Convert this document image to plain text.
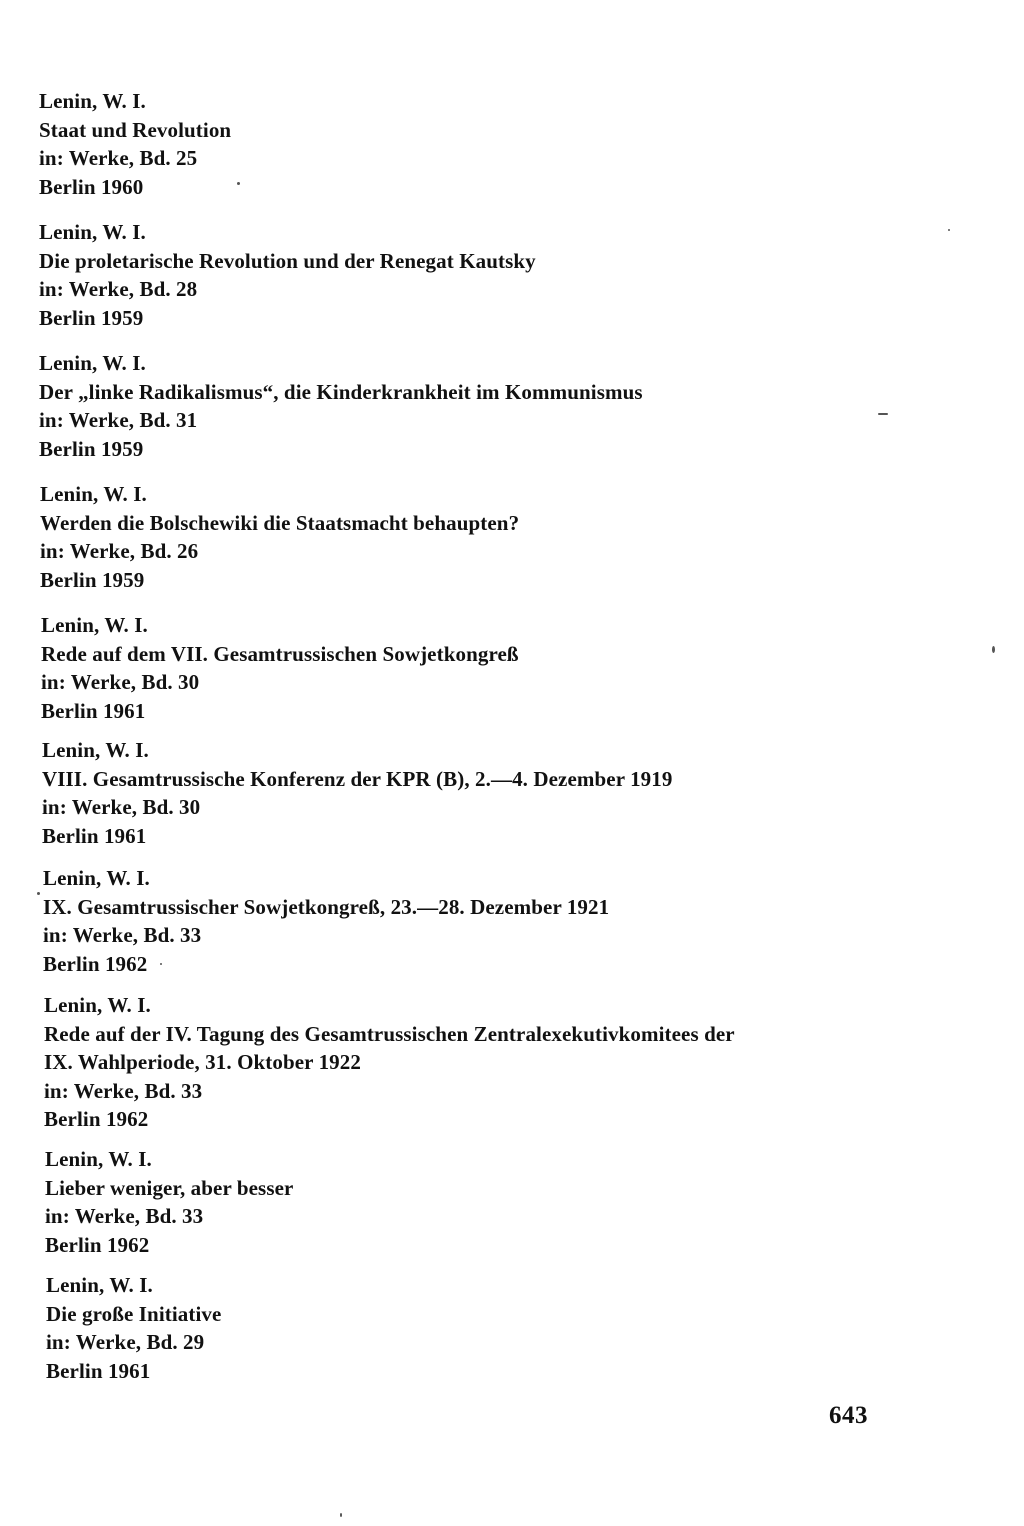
Lenin, W. I.
Staat und Revolution
in: Werke, Bd. 25
Berlin 1960
Lenin, W. I.
Die proletarische Revolution und der Renegat Kautsky
in: Werke, Bd. 28
Berlin 1959
Lenin, W. I.
Der „linke Radikalismus“, die Kinderkrankheit im Kommunismus
in: Werke, Bd. 31
Berlin 1959
Lenin, W. I.
Werden die Bolschewiki die Staatsmacht behaupten?
in: Werke, Bd. 26
Berlin 1959
Lenin, W. I.
Rede auf dem VII. Gesamtrussischen Sowjetkongreß
in: Werke, Bd. 30
Berlin 1961
Lenin, W. I.
VIII. Gesamtrussische Konferenz der KPR (B), 2.—4. Dezember 1919
in: Werke, Bd. 30
Berlin 1961
Lenin, W. I.
IX. Gesamtrussischer Sowjetkongreß, 23.—28. Dezember 1921
in: Werke, Bd. 33
Berlin 1962
Lenin, W. I.
Rede auf der IV. Tagung des Gesamtrussischen Zentralexekutivkomitees der
IX. Wahlperiode, 31. Oktober 1922
in: Werke, Bd. 33
Berlin 1962
Lenin, W. I.
Lieber weniger, aber besser
in: Werke, Bd. 33
Berlin 1962
Lenin, W. I.
Die große Initiative
in: Werke, Bd. 29
Berlin 1961
643
